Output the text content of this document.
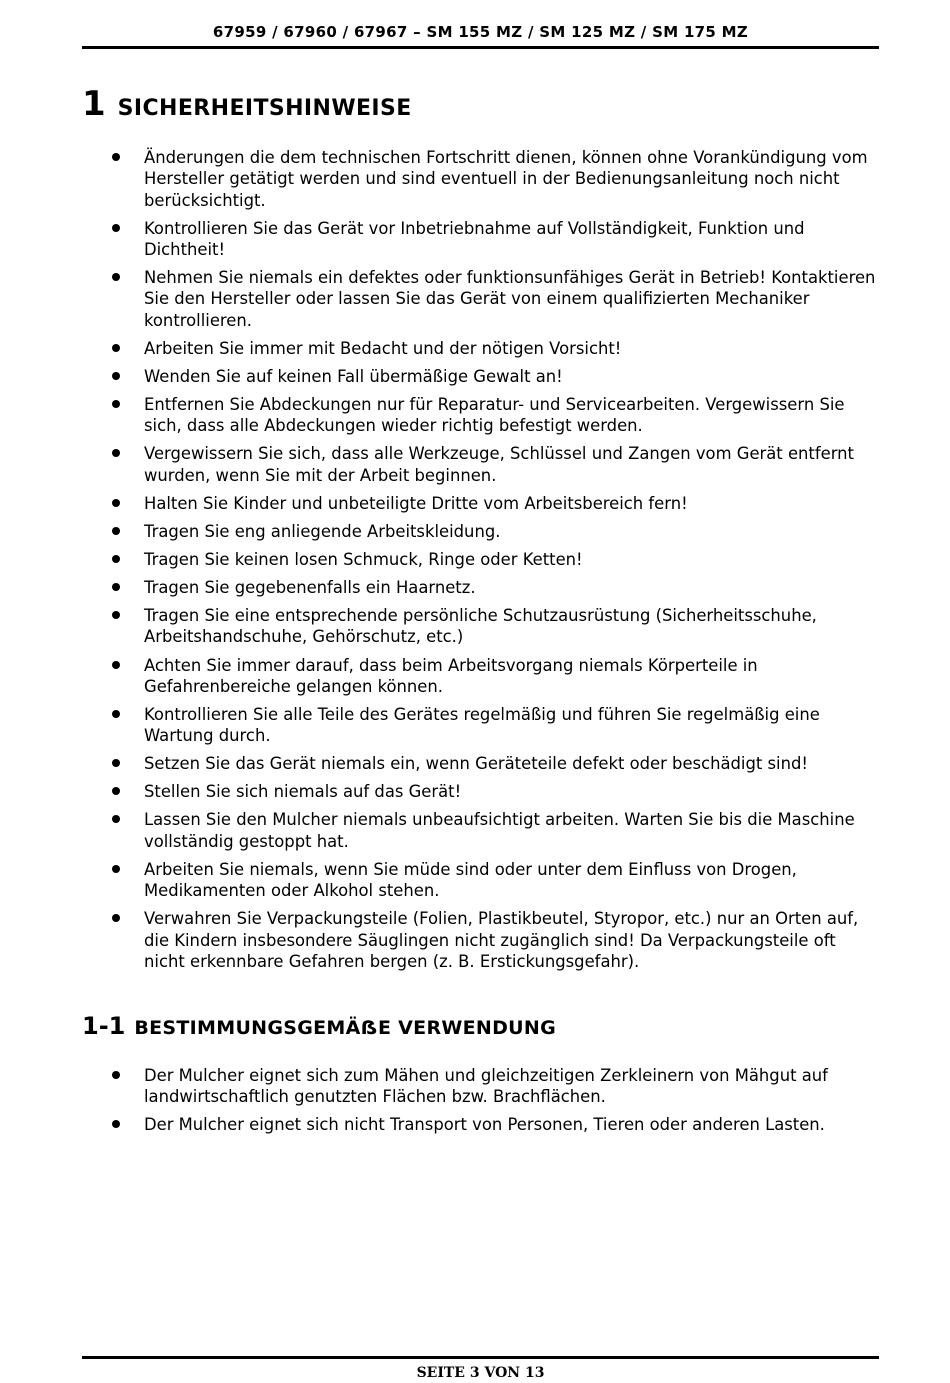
67959 / 67960 / 67967 – SM 155 MZ / SM 125 MZ / SM 175 MZ
1 SICHERHEITSHINWEISE
Änderungen die dem technischen Fortschritt dienen, können ohne Vorankündigung vom Hersteller getätigt werden und sind eventuell in der Bedienungsanleitung noch nicht berücksichtigt.
Kontrollieren Sie das Gerät vor Inbetriebnahme auf Vollständigkeit, Funktion und Dichtheit!
Nehmen Sie niemals ein defektes oder funktionsunfähiges Gerät in Betrieb! Kontaktieren Sie den Hersteller oder lassen Sie das Gerät von einem qualifizierten Mechaniker kontrollieren.
Arbeiten Sie immer mit Bedacht und der nötigen Vorsicht!
Wenden Sie auf keinen Fall übermäßige Gewalt an!
Entfernen Sie Abdeckungen nur für Reparatur- und Servicearbeiten. Vergewissern Sie sich, dass alle Abdeckungen wieder richtig befestigt werden.
Vergewissern Sie sich, dass alle Werkzeuge, Schlüssel und Zangen vom Gerät entfernt wurden, wenn Sie mit der Arbeit beginnen.
Halten Sie Kinder und unbeteiligte Dritte vom Arbeitsbereich fern!
Tragen Sie eng anliegende Arbeitskleidung.
Tragen Sie keinen losen Schmuck, Ringe oder Ketten!
Tragen Sie gegebenenfalls ein Haarnetz.
Tragen Sie eine entsprechende persönliche Schutzausrüstung (Sicherheitsschuhe, Arbeitshandschuhe, Gehörschutz, etc.)
Achten Sie immer darauf, dass beim Arbeitsvorgang niemals Körperteile in Gefahrenbereiche gelangen können.
Kontrollieren Sie alle Teile des Gerätes regelmäßig und führen Sie regelmäßig eine Wartung durch.
Setzen Sie das Gerät niemals ein, wenn Geräteteile defekt oder beschädigt sind!
Stellen Sie sich niemals auf das Gerät!
Lassen Sie den Mulcher niemals unbeaufsichtigt arbeiten. Warten Sie bis die Maschine vollständig gestoppt hat.
Arbeiten Sie niemals, wenn Sie müde sind oder unter dem Einfluss von Drogen, Medikamenten oder Alkohol stehen.
Verwahren Sie Verpackungsteile (Folien, Plastikbeutel, Styropor, etc.) nur an Orten auf, die Kindern insbesondere Säuglingen nicht zugänglich sind! Da Verpackungsteile oft nicht erkennbare Gefahren bergen (z. B. Erstickungsgefahr).
1-1 BESTIMMUNGSGEMÄẞE VERWENDUNG
Der Mulcher eignet sich zum Mähen und gleichzeitigen Zerkleinern von Mähgut auf landwirtschaftlich genutzten Flächen bzw. Brachflächen.
Der Mulcher eignet sich nicht Transport von Personen, Tieren oder anderen Lasten.
SEITE 3 VON 13
